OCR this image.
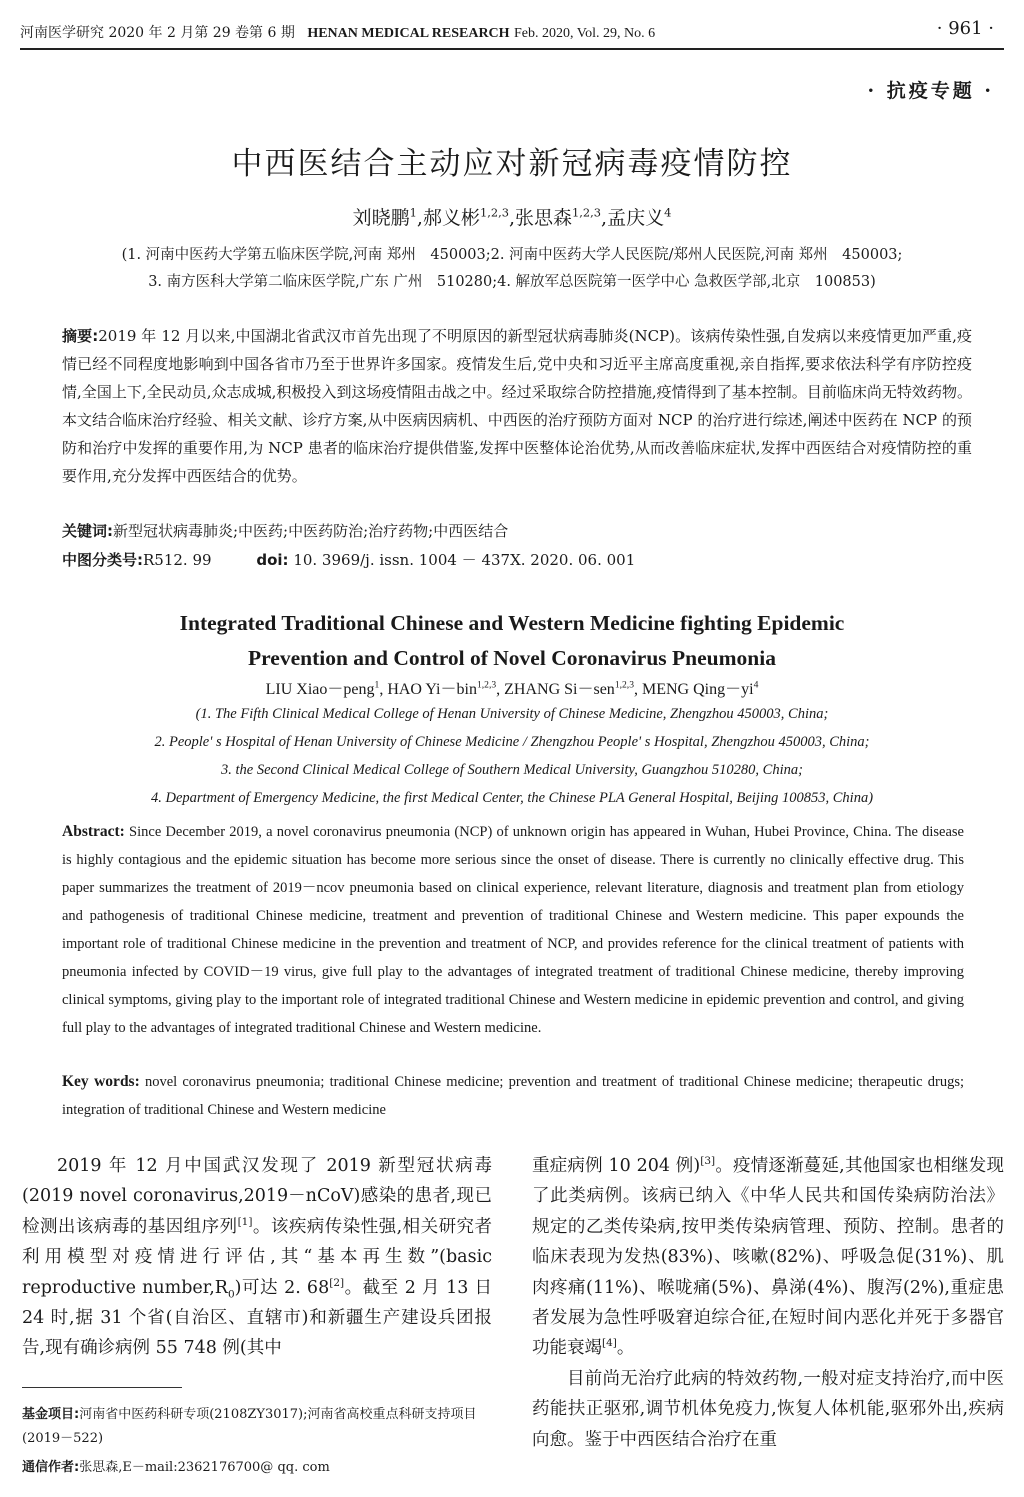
河南医学研究 2020 年 2 月第 29 卷第 6 期 HENAN MEDICAL RESEARCH Feb. 2020, Vol. 29, No. 6	· 961 ·
· 抗疫专题 ·
中西医结合主动应对新冠病毒疫情防控
刘晓鹏$^1$,郝义彬$^{1,2,3}$,张思森$^{1,2,3}$,孟庆义$^4$
(1. 河南中医药大学第五临床医学院,河南 郑州　450003;2. 河南中医药大学人民医院/郑州人民医院,河南 郑州　450003;
3. 南方医科大学第二临床医学院,广东 广州　510280;4. 解放军总医院第一医学中心 急救医学部,北京　100853)
摘要:2019 年 12 月以来,中国湖北省武汉市首先出现了不明原因的新型冠状病毒肺炎(NCP)。该病传染性强,自发病以来疫情更加严重,疫情已经不同程度地影响到中国各省市乃至于世界许多国家。疫情发生后,党中央和习近平主席高度重视,亲自指挥,要求依法科学有序防控疫情,全国上下,全民动员,众志成城,积极投入到这场疫情阻击战之中。经过采取综合防控措施,疫情得到了基本控制。目前临床尚无特效药物。本文结合临床治疗经验、相关文献、诊疗方案,从中医病因病机、中西医的治疗预防方面对 NCP 的治疗进行综述,阐述中医药在 NCP 的预防和治疗中发挥的重要作用,为 NCP 患者的临床治疗提供借鉴,发挥中医整体论治优势,从而改善临床症状,发挥中西医结合对疫情防控的重要作用,充分发挥中西医结合的优势。
关键词:新型冠状病毒肺炎;中医药;中医药防治;治疗药物;中西医结合
中图分类号:R512. 99	doi: 10. 3969/j. issn. 1004 － 437X. 2020. 06. 001
Integrated Traditional Chinese and Western Medicine fighting Epidemic
Prevention and Control of Novel Coronavirus Pneumonia
LIU Xiao－peng$^1$, HAO Yi－bin$^{1,2,3}$, ZHANG Si－sen$^{1,2,3}$, MENG $Qing-yi^4$
(1. The Fifth Clinical Medical College of Henan University of Chinese Medicine, Zhengzhou 450003, China;
2. People' s Hospital of Henan University of Chinese Medicine / Zhengzhou People' s Hospital, Zhengzhou 450003, China;
3. the Second Clinical Medical College of Southern Medical University, Guangzhou 510280, China;
4. Department of Emergency Medicine, the first Medical Center, the Chinese PLA General Hospital, Beijing 100853, China)
Abstract: Since December 2019, a novel coronavirus pneumonia (NCP) of unknown origin has appeared in Wuhan, Hubei Province, China. The disease is highly contagious and the epidemic situation has become more serious since the onset of disease. There is currently no clinically effective drug. This paper summarizes the treatment of 2019－ncov pneumonia based on clinical experience, relevant literature, diagnosis and treatment plan from etiology and pathogenesis of traditional Chinese medicine, treatment and prevention of traditional Chinese and Western medicine. This paper expounds the important role of traditional Chinese medicine in the prevention and treatment of NCP, and provides reference for the clinical treatment of patients with pneumonia infected by COVID－19 virus, give full play to the advantages of integrated treatment of traditional Chinese medicine, thereby improving clinical symptoms, giving play to the important role of integrated traditional Chinese and Western medicine in epidemic prevention and control, and giving full play to the advantages of integrated traditional Chinese and Western medicine.
Key words: novel coronavirus pneumonia; traditional Chinese medicine; prevention and treatment of traditional Chinese medicine; therapeutic drugs; integration of traditional Chinese and Western medicine

2019 年 12 月中国武汉发现了 2019 新型冠状病毒(2019 novel coronavirus,2019－nCoV)感染的患者,现已检测出该病毒的基因组序列[1]。该疾病传染性强,相关研究者利用模型对疫情进行评估,其“基本再生数”(basic reproductive $number,R_0$)可达 2. 68[2]。截至 2 月 13 日 24 时,据 31 个省(自治区、直辖市)和新疆生产建设兵团报告,现有确诊病例 55 748 例(其中

基金项目:河南省中医药科研专项(2108ZY3017);河南省高校重点科研支持项目(2019－522)
通信作者:张思森,E－mail:2362176700@ qq. com

重症病例 10 204 例)[3]。疫情逐渐蔓延,其他国家也相继发现了此类病例。该病已纳入《中华人民共和国传染病防治法》规定的乙类传染病,按甲类传染病管理、预防、控制。患者的临床表现为发热(83%)、咳嗽(82%)、呼吸急促(31%)、肌肉疼痛(11%)、喉咙痛(5%)、鼻涕(4%)、腹泻(2%),重症患者发展为急性呼吸窘迫综合征,在短时间内恶化并死于多器官功能衰竭[4]。

目前尚无治疗此病的特效药物,一般对症支持治疗,而中医药能扶正驱邪,调节机体免疫力,恢复人体机能,驱邪外出,疾病向愈。鉴于中西医结合治疗在重
